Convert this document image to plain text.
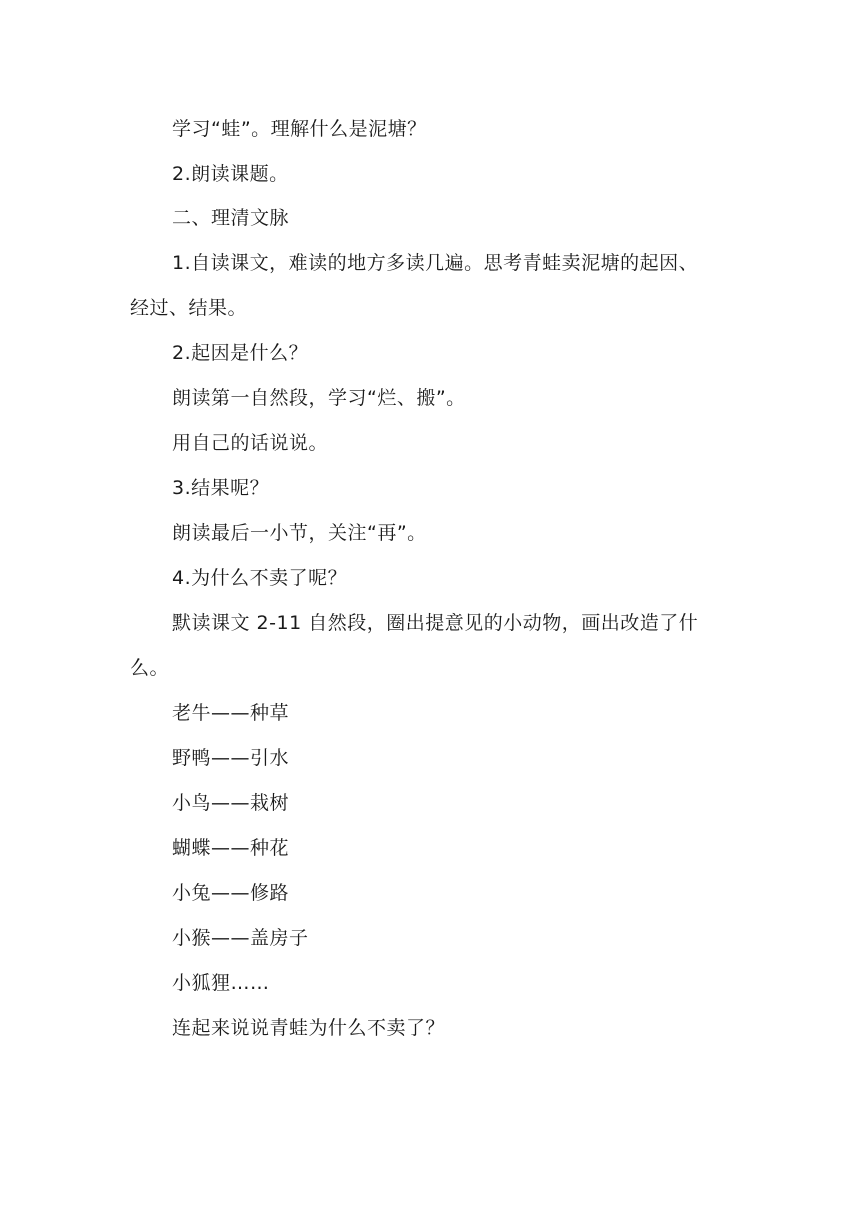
学习“蛙”。理解什么是泥塘？
2.朗读课题。
二、理清文脉
1.自读课文，难读的地方多读几遍。思考青蛙卖泥塘的起因、
经过、结果。
2.起因是什么？
朗读第一自然段，学习“烂、搬”。
用自己的话说说。
3.结果呢？
朗读最后一小节，关注“再”。
4.为什么不卖了呢？
默读课文 2-11 自然段，圈出提意见的小动物，画出改造了什
么。
老牛——种草
野鸭——引水
小鸟——栽树
蝴蝶——种花
小兔——修路
小猴——盖房子
小狐狸……
连起来说说青蛙为什么不卖了？
